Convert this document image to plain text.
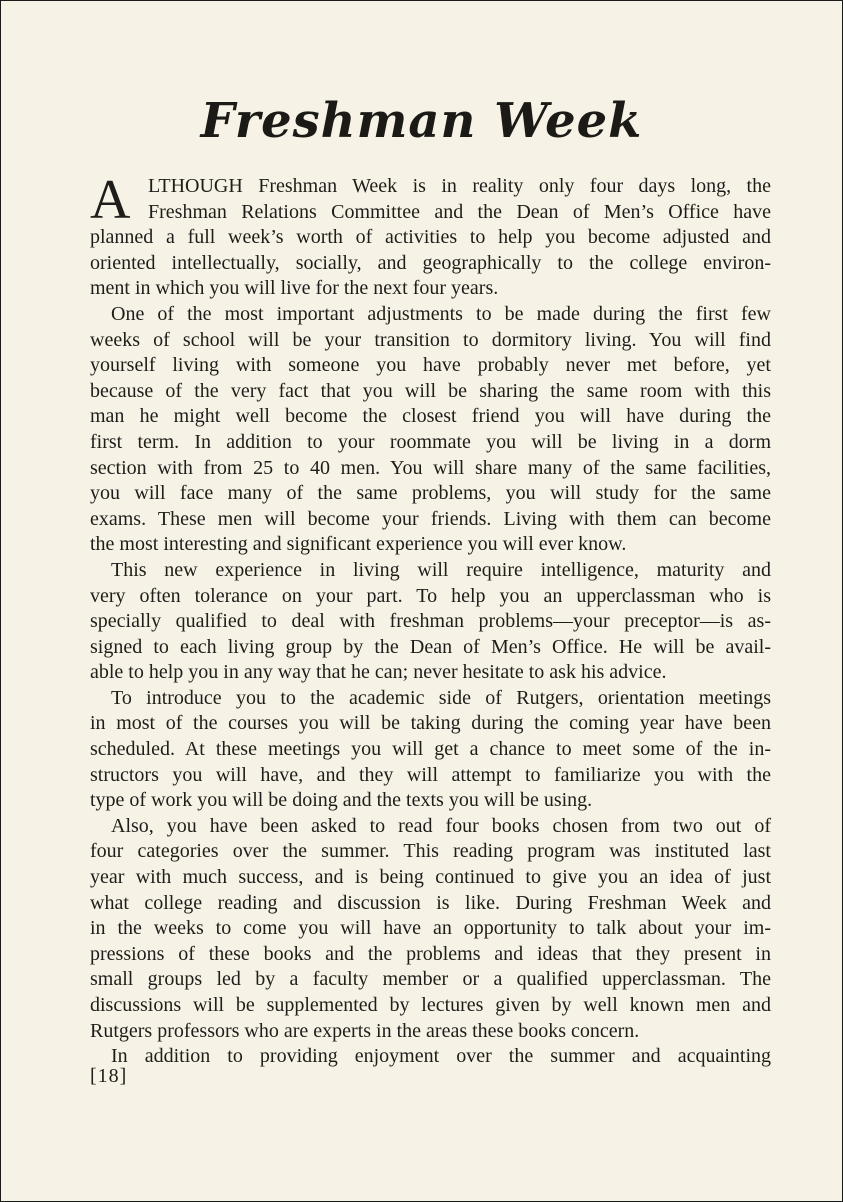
Freshman Week
A LTHOUGH Freshman Week is in reality only four days long, the
Freshman Relations Committee and the Dean of Men’s Office have
planned a full week’s worth of activities to help you become adjusted and
oriented intellectually, socially, and geographically to the college environ-
ment in which you will live for the next four years.
One of the most important adjustments to be made during the first few
weeks of school will be your transition to dormitory living. You will find
yourself living with someone you have probably never met before, yet
because of the very fact that you will be sharing the same room with this
man he might well become the closest friend you will have during the
first term. In addition to your roommate you will be living in a dorm
section with from 25 to 40 men. You will share many of the same facilities,
you will face many of the same problems, you will study for the same
exams. These men will become your friends. Living with them can become
the most interesting and significant experience you will ever know.
This new experience in living will require intelligence, maturity and
very often tolerance on your part. To help you an upperclassman who is
specially qualified to deal with freshman problems—your preceptor—is as-
signed to each living group by the Dean of Men’s Office. He will be avail-
able to help you in any way that he can; never hesitate to ask his advice.
To introduce you to the academic side of Rutgers, orientation meetings
in most of the courses you will be taking during the coming year have been
scheduled. At these meetings you will get a chance to meet some of the in-
structors you will have, and they will attempt to familiarize you with the
type of work you will be doing and the texts you will be using.
Also, you have been asked to read four books chosen from two out of
four categories over the summer. This reading program was instituted last
year with much success, and is being continued to give you an idea of just
what college reading and discussion is like. During Freshman Week and
in the weeks to come you will have an opportunity to talk about your im-
pressions of these books and the problems and ideas that they present in
small groups led by a faculty member or a qualified upperclassman. The
discussions will be supplemented by lectures given by well known men and
Rutgers professors who are experts in the areas these books concern.
In addition to providing enjoyment over the summer and acquainting
[18]
